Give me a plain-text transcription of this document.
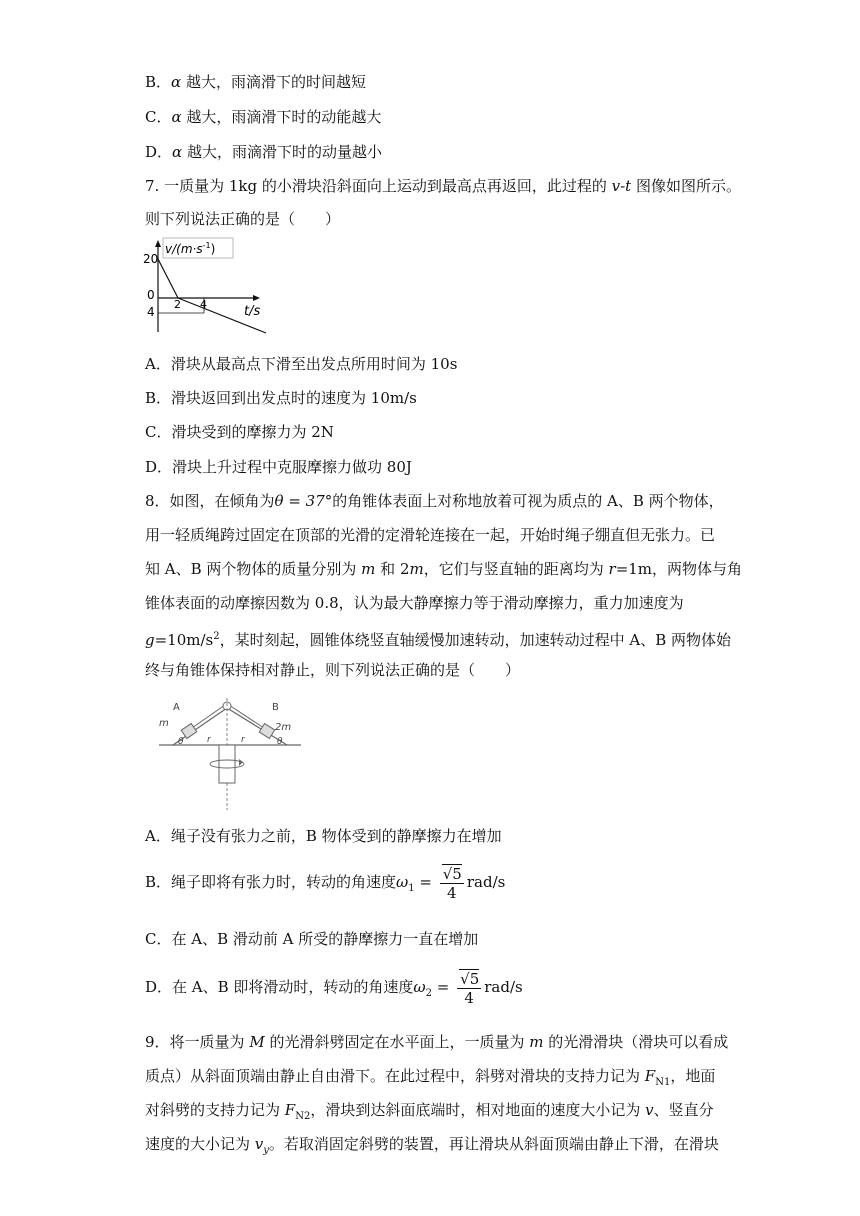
B．α 越大，雨滴滑下的时间越短
C．α 越大，雨滴滑下时的动能越大
D．α 越大，雨滴滑下时的动量越小
7. 一质量为 1kg 的小滑块沿斜面向上运动到最高点再返回，此过程的 v-t 图像如图所示。
则下列说法正确的是（　　）
$v/(m\cdot s^{-1})$
20
0
4
2 4	t/s
A．滑块从最高点下滑至出发点所用时间为 10s
B．滑块返回到出发点时的速度为 10m/s
C．滑块受到的摩擦力为 2N
D．滑块上升过程中克服摩擦力做功 80J
8．如图，在倾角为θ = 37°的角锥体表面上对称地放着可视为质点的 A、B 两个物体，
用一轻质绳跨过固定在顶部的光滑的定滑轮连接在一起，开始时绳子绷直但无张力。已
知 A、B 两个物体的质量分别为 m 和 2m，它们与竖直轴的距离均为 r=1m，两物体与角
锥体表面的动摩擦因数为 0.8，认为最大静摩擦力等于滑动摩擦力，重力加速度为
$g=10m/s^2$，某时刻起，圆锥体绕竖直轴缓慢加速转动，加速转动过程中 A、B 两物体始
终与角锥体保持相对静止，则下列说法正确的是（　　）
A	B
m	2m
r	r
θ	θ
A．绳子没有张力之前，B 物体受到的静摩擦力在增加
B．绳子即将有张力时，转动的角速度$\omega_1 = \frac{√5}{4} rad/s$
C．在 A、B 滑动前 A 所受的静摩擦力一直在增加
D．在 A、B 即将滑动时，转动的角速度$\omega_2 = \frac{√5}{4} rad/s$
9．将一质量为 M 的光滑斜劈固定在水平面上，一质量为 m 的光滑滑块（滑块可以看成
质点）从斜面顶端由静止自由滑下。在此过程中，斜劈对滑块的支持力记为 $F_{N1}$，地面
对斜劈的支持力记为 $F_{N2}$，滑块到达斜面底端时，相对地面的速度大小记为 v、竖直分
速度的大小记为 $v_y$。若取消固定斜劈的装置，再让滑块从斜面顶端由静止下滑，在滑块
